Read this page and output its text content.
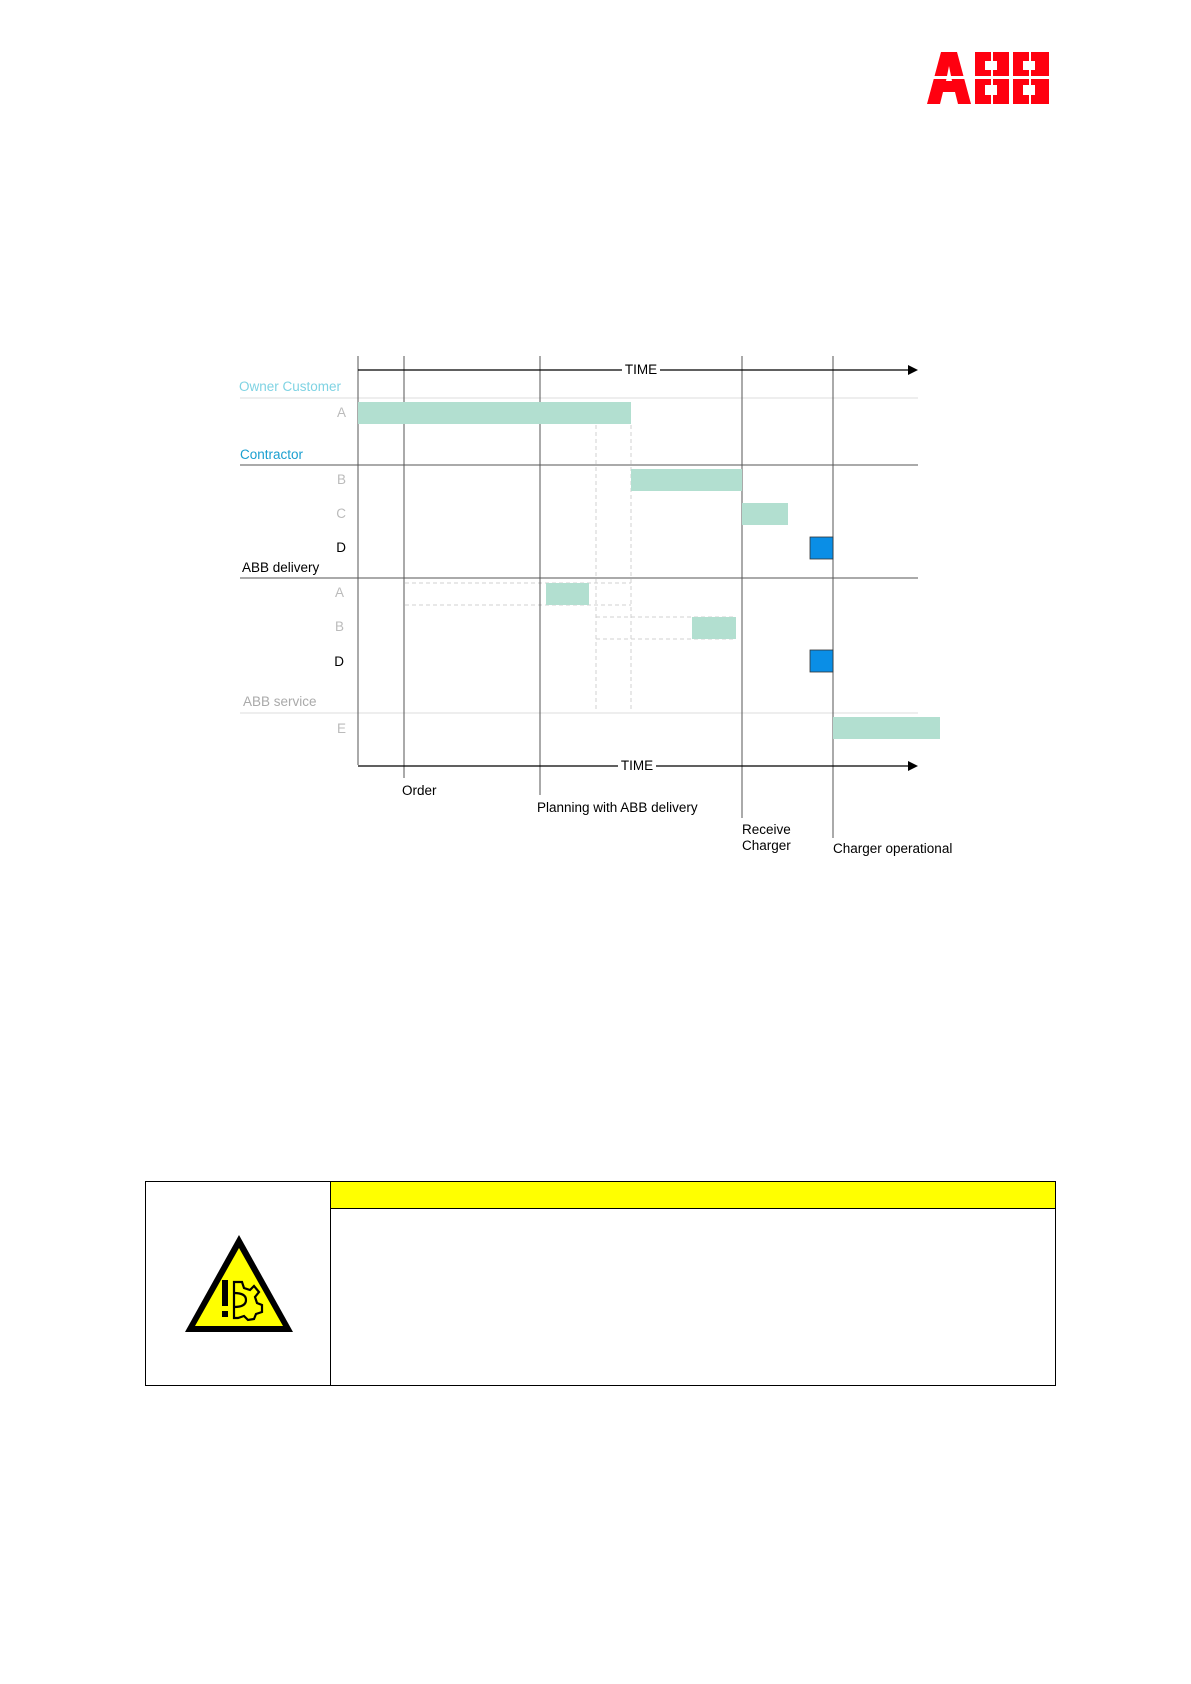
TIME
TIME
Owner Customer
Contractor
ABB delivery
ABB service
A
B
C
D
A
B
D
E
Order
Planning with ABB delivery
Receive
Charger	Charger operational
